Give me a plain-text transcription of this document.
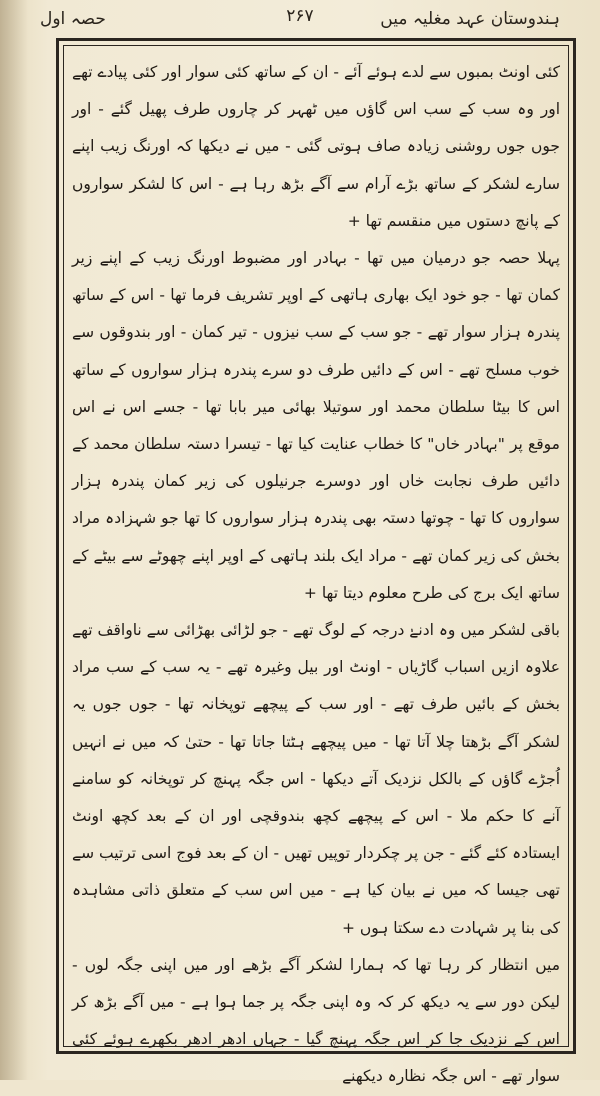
ہندوستان عہد مغلیہ میں
۲۶۷
حصہ اول

کئی اونٹ بمبوں سے لدے ہوئے آئے - ان کے ساتھ کئی سوار اور کئی پیادے تھے اور وہ سب کے سب اس گاؤں میں ٹھہر کر چاروں طرف پھیل گئے - اور جوں جوں روشنی زیادہ صاف ہوتی گئی - میں نے دیکھا کہ اورنگ زیب اپنے سارے لشکر کے ساتھ بڑے آرام سے آگے بڑھ رہا ہے - اس کا لشکر سواروں کے پانچ دستوں میں منقسم تھا +

پہلا حصہ جو درمیان میں تھا - بہادر اور مضبوط اورنگ زیب کے اپنے زیر کمان تھا - جو خود ایک بھاری ہاتھی کے اوپر تشریف فرما تھا - اس کے ساتھ پندرہ ہزار سوار تھے - جو سب کے سب نیزوں - تیر کمان - اور بندوقوں سے خوب مسلح تھے - اس کے دائیں طرف دو سرے پندرہ ہزار سواروں کے ساتھ اس کا بیٹا سلطان محمد اور سوتیلا بھائی میر بابا تھا - جسے اس نے اس موقع پر "بہادر خاں" کا خطاب عنایت کیا تھا - تیسرا دستہ سلطان محمد کے دائیں طرف نجابت خاں اور دوسرے جرنیلوں کی زیر کمان پندرہ ہزار سواروں کا تھا - چوتھا دستہ بھی پندرہ ہزار سواروں کا تھا جو شہزادہ مراد بخش کی زیر کمان تھے - مراد ایک بلند ہاتھی کے اوپر اپنے چھوٹے سے بیٹے کے ساتھ ایک برج کی طرح معلوم دیتا تھا +

باقی لشکر میں وہ ادنےٰ درجہ کے لوگ تھے - جو لڑائی بھڑائی سے ناواقف تھے علاوہ ازیں اسباب گاڑیاں - اونٹ اور بیل وغیرہ تھے - یہ سب کے سب مراد بخش کے بائیں طرف تھے - اور سب کے پیچھے توپخانہ تھا - جوں جوں یہ لشکر آگے بڑھتا چلا آتا تھا - میں پیچھے ہٹتا جاتا تھا - حتیٰ کہ میں نے انہیں اُجڑے گاؤں کے بالکل نزدیک آتے دیکھا - اس جگہ پہنچ کر توپخانہ کو سامنے آنے کا حکم ملا - اس کے پیچھے کچھ بندوقچی اور ان کے بعد کچھ اونٹ ایستادہ کئے گئے - جن پر چکردار توپیں تھیں - ان کے بعد فوج اسی ترتیب سے تھی جیسا کہ میں نے بیان کیا ہے - میں اس سب کے متعلق ذاتی مشاہدہ کی بنا پر شہادت دے سکتا ہوں +

میں انتظار کر رہا تھا کہ ہمارا لشکر آگے بڑھے اور میں اپنی جگہ لوں - لیکن دور سے یہ دیکھ کر کہ وہ اپنی جگہ پر جما ہوا ہے - میں آگے بڑھ کر اس کے نزدیک جا کر اس جگہ پہنچ گیا - جہاں ادھر ادھر بکھرے ہوئے کئی سوار تھے - اس جگہ نظارہ دیکھنے
